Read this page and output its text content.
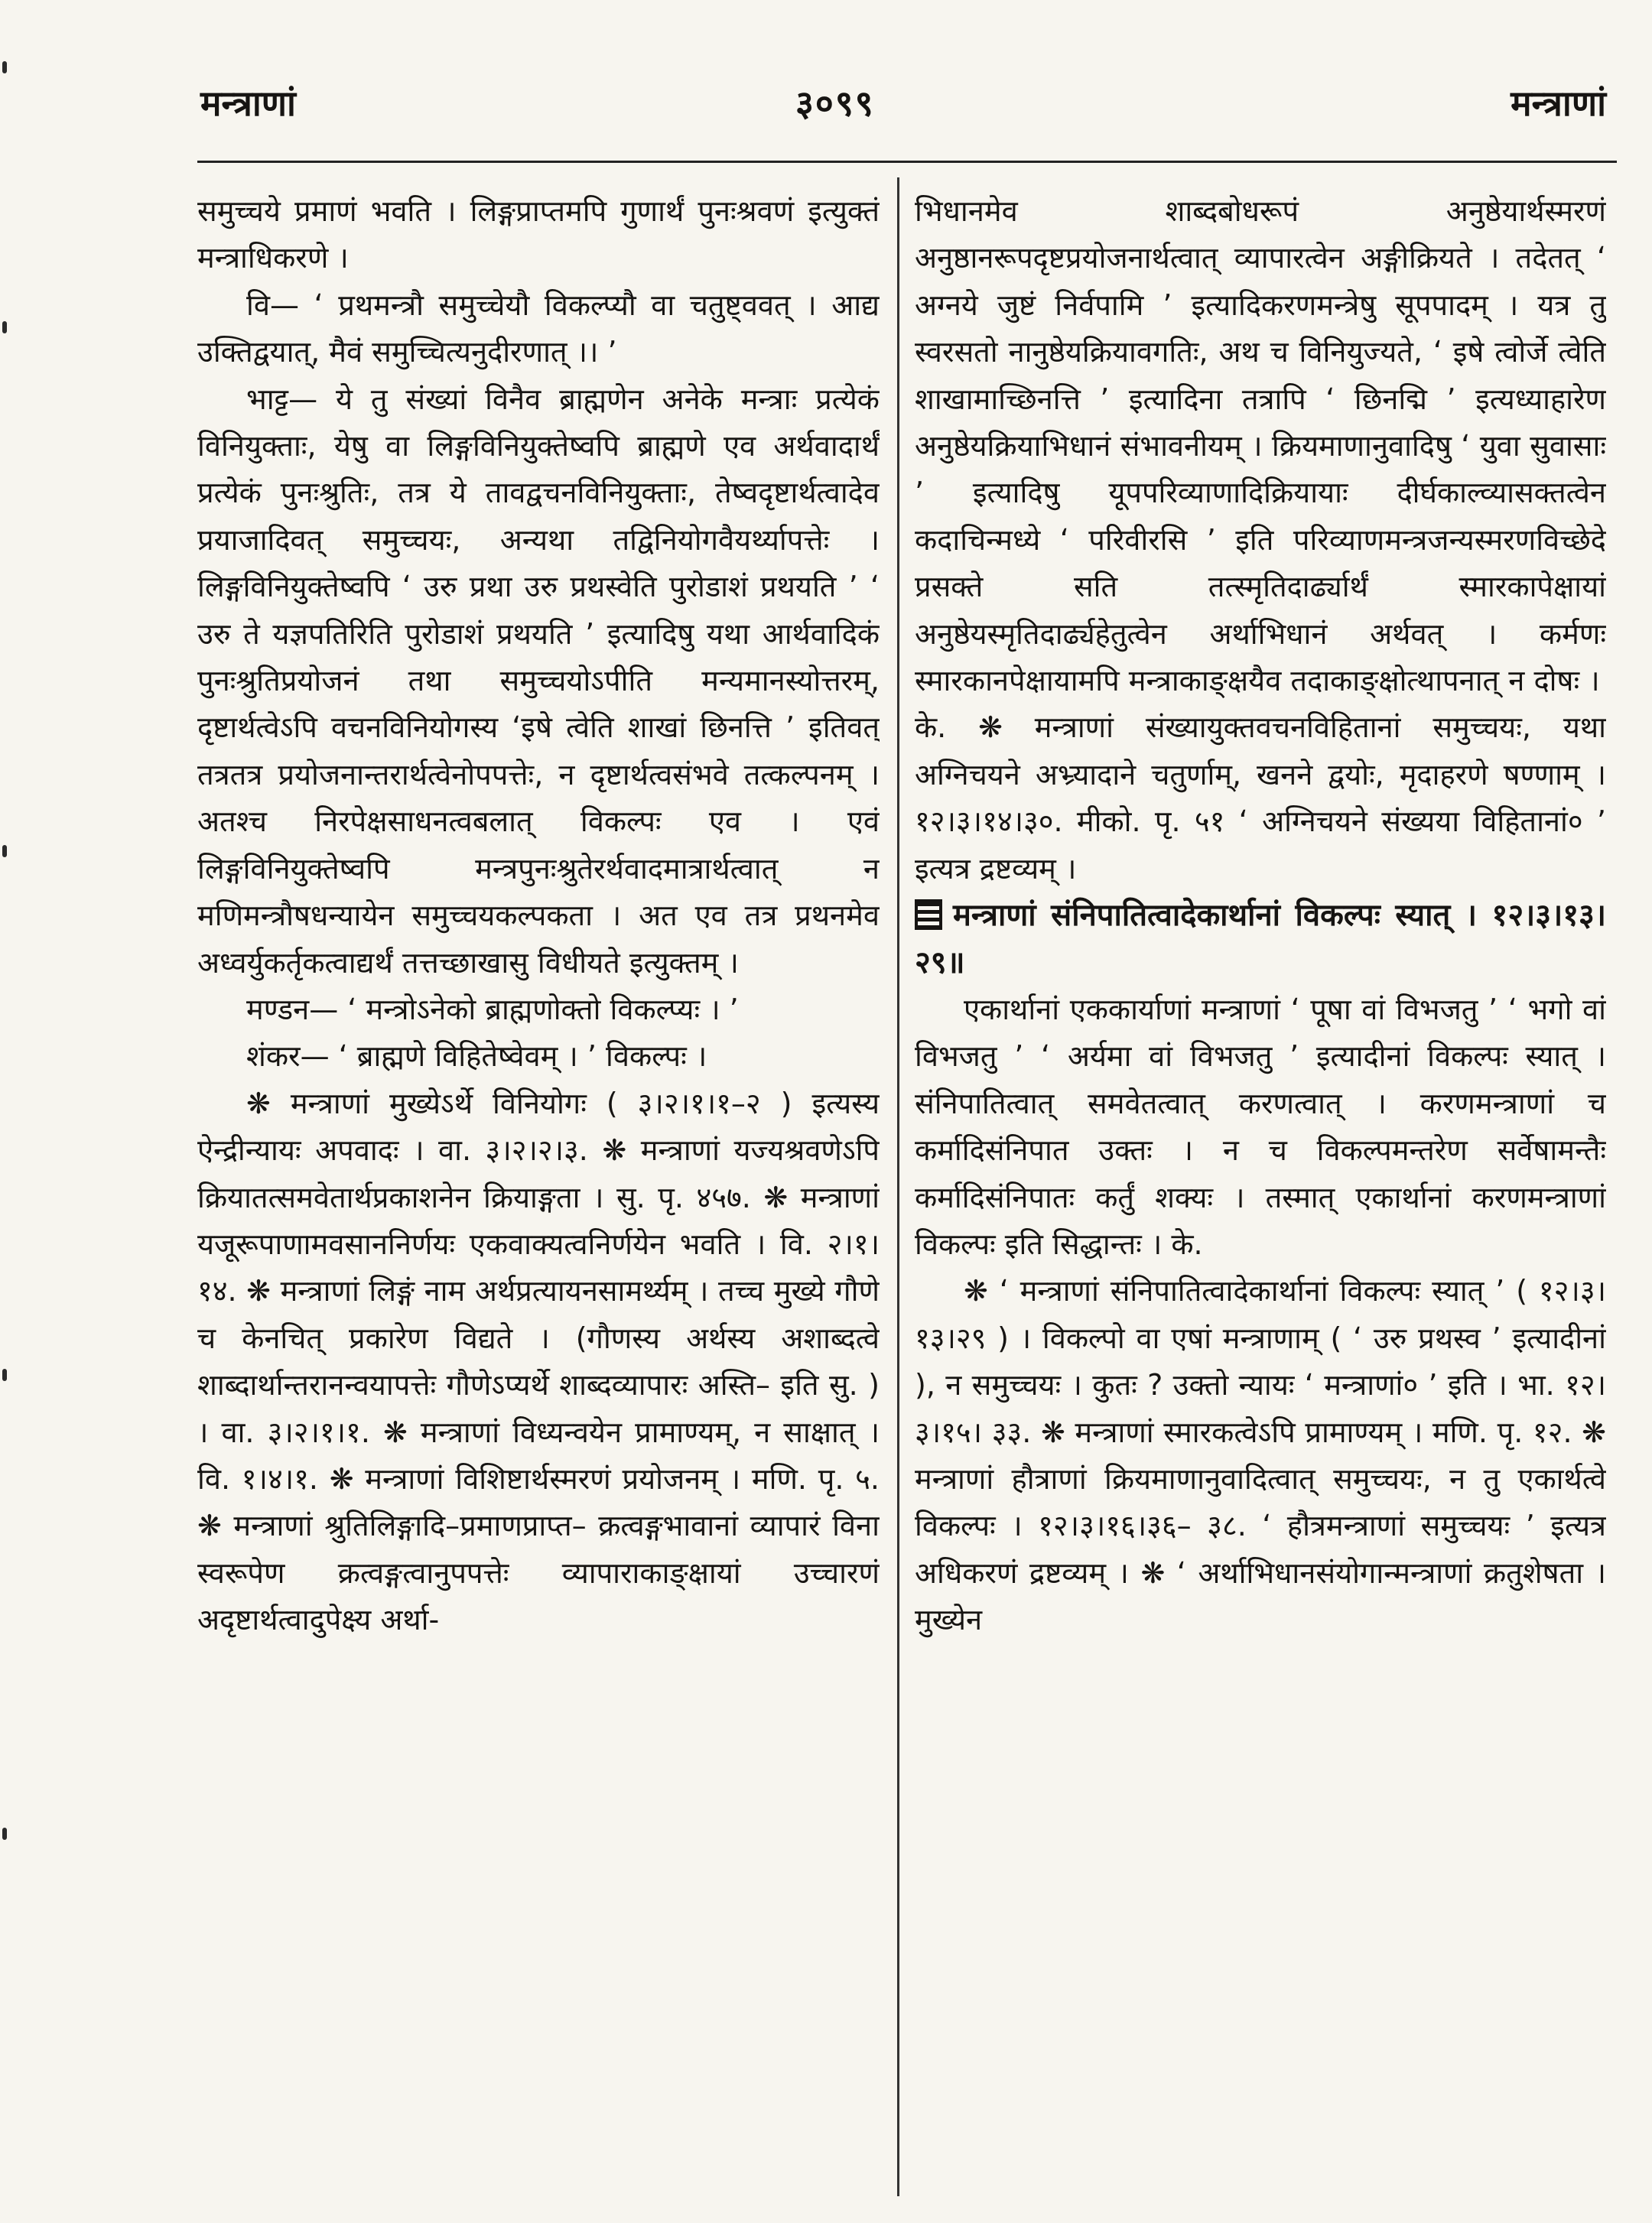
मन्त्राणां	३०९९	मन्त्राणां

समुच्चये प्रमाणं भवति । लिङ्गप्राप्तमपि गुणार्थं पुनःश्रवणं इत्युक्तं मन्त्राधिकरणे ।

वि— ‘ प्रथमन्त्रौ समुच्चेयौ विकल्प्यौ वा चतुष्ट्ववत् । आद्य उक्तिद्वयात्, मैवं समुच्चित्यनुदीरणात् ।। ’

भाट्ट— ये तु संख्यां विनैव ब्राह्मणेन अनेके मन्त्राः प्रत्येकं विनियुक्ताः, येषु वा लिङ्गविनियुक्तेष्वपि ब्राह्मणे एव अर्थवादार्थं प्रत्येकं पुनःश्रुतिः, तत्र ये तावद्वचनविनियुक्ताः, तेष्वदृष्टार्थत्वादेव प्रयाजादिवत् समुच्चयः, अन्यथा तद्विनियोगवैयर्थ्यापत्तेः । लिङ्गविनियुक्तेष्वपि ‘ उरु प्रथा उरु प्रथस्वेति पुरोडाशं प्रथयति ’ ‘ उरु ते यज्ञपतिरिति पुरोडाशं प्रथयति ’ इत्यादिषु यथा आर्थवादिकं पुनःश्रुतिप्रयोजनं तथा समुच्चयोऽपीति मन्यमानस्योत्तरम्, दृष्टार्थत्वेऽपि वचनविनियोगस्य ‘इषे त्वेति शाखां छिनत्ति ’ इतिवत् तत्रतत्र प्रयोजनान्तरार्थत्वेनोपपत्तेः, न दृष्टार्थत्वसंभवे तत्कल्पनम् । अतश्च निरपेक्षसाधनत्वबलात् विकल्पः एव । एवं लिङ्गविनियुक्तेष्वपि मन्त्रपुनःश्रुतेरर्थवादमात्रार्थत्वात् न मणिमन्त्रौषधन्यायेन समुच्चयकल्पकता । अत एव तत्र प्रथनमेव अध्वर्युकर्तृकत्वाद्यर्थं तत्तच्छाखासु विधीयते इत्युक्तम् ।

मण्डन— ‘ मन्त्रोऽनेको ब्राह्मणोक्तो विकल्प्यः । ’

शंकर— ‘ ब्राह्मणे विहितेष्वेवम् । ’ विकल्पः ।

❋ मन्त्राणां मुख्येऽर्थे विनियोगः ( ३।२।१।१–२ ) इत्यस्य ऐन्द्रीन्यायः अपवादः । वा. ३।२।२।३. ❋ मन्त्राणां यज्यश्रवणेऽपि क्रियातत्समवेतार्थप्रकाशनेन क्रियाङ्गता । सु. पृ. ४५७. ❋ मन्त्राणां यजूरूपाणामवसाननिर्णयः एकवाक्यत्वनिर्णयेन भवति । वि. २।१। १४. ❋ मन्त्राणां लिङ्गं नाम अर्थप्रत्यायनसामर्थ्यम् । तच्च मुख्ये गौणे च केनचित् प्रकारेण विद्यते । (गौणस्य अर्थस्य अशाब्दत्वे शाब्दार्थान्तरानन्वयापत्तेः गौणेऽप्यर्थे शाब्दव्यापारः अस्ति– इति सु. ) । वा. ३।२।१।१. ❋ मन्त्राणां विध्यन्वयेन प्रामाण्यम्, न साक्षात् । वि. १।४।१. ❋ मन्त्राणां विशिष्टार्थस्मरणं प्रयोजनम् । मणि. पृ. ५. ❋ मन्त्राणां श्रुतिलिङ्गादि–प्रमाणप्राप्त– क्रत्वङ्गभावानां व्यापारं विना स्वरूपेण क्रत्वङ्गत्वानुपपत्तेः व्यापाराकाङ्क्षायां उच्चारणं अदृष्टार्थत्वादुपेक्ष्य अर्था-

भिधानमेव शाब्दबोधरूपं अनुष्ठेयार्थस्मरणं अनुष्ठानरूपदृष्टप्रयोजनार्थत्वात् व्यापारत्वेन अङ्गीक्रियते । तदेतत् ‘ अग्नये जुष्टं निर्वपामि ’ इत्यादिकरणमन्त्रेषु सूपपादम् । यत्र तु स्वरसतो नानुष्ठेयक्रियावगतिः, अथ च विनियुज्यते, ‘ इषे त्वोर्जे त्वेति शाखामाच्छिनत्ति ’ इत्यादिना तत्रापि ‘ छिनद्मि ’ इत्यध्याहारेण अनुष्ठेयक्रियाभिधानं संभावनीयम् । क्रियमाणानुवादिषु ‘ युवा सुवासाः ’ इत्यादिषु यूपपरिव्याणादिक्रियायाः दीर्घकाल्व्यासक्तत्वेन कदाचिन्मध्ये ‘ परिवीरसि ’ इति परिव्याणमन्त्रजन्यस्मरणविच्छेदे प्रसक्ते सति तत्स्मृतिदार्ढ्यार्थं स्मारकापेक्षायां अनुष्ठेयस्मृतिदार्ढ्यहेतुत्वेन अर्थाभिधानं अर्थवत् । कर्मणः स्मारकानपेक्षायामपि मन्त्राकाङ्क्षयैव तदाकाङ्क्षोत्थापनात् न दोषः ।

के. ❋ मन्त्राणां संख्यायुक्तवचनविहितानां समुच्चयः, यथा अग्निचयने अभ्र्यादाने चतुर्णाम्, खनने द्वयोः, मृदाहरणे षण्णाम् । १२।३।१४।३०. मीको. पृ. ५१ ‘ अग्निचयने संख्यया विहितानां० ’ इत्यत्र द्रष्टव्यम् ।

मन्त्राणां संनिपातित्वादेकार्थानां विकल्पः स्यात् । १२।३।१३।२९॥

एकार्थानां एककार्याणां मन्त्राणां ‘ पूषा वां विभजतु ’ ‘ भगो वां विभजतु ’ ‘ अर्यमा वां विभजतु ’ इत्यादीनां विकल्पः स्यात् । संनिपातित्वात् समवेतत्वात् करणत्वात् । करणमन्त्राणां च कर्मादिसंनिपात उक्तः । न च विकल्पमन्तरेण सर्वेषामन्तैः कर्मादिसंनिपातः कर्तुं शक्यः । तस्मात् एकार्थानां करणमन्त्राणां विकल्पः इति सिद्धान्तः । के.

❋ ‘ मन्त्राणां संनिपातित्वादेकार्थानां विकल्पः स्यात् ’ ( १२।३।१३।२९ ) । विकल्पो वा एषां मन्त्राणाम् ( ‘ उरु प्रथस्व ’ इत्यादीनां ), न समुच्चयः । कुतः ? उक्तो न्यायः ‘ मन्त्राणां० ’ इति । भा. १२।३।१५। ३३. ❋ मन्त्राणां स्मारकत्वेऽपि प्रामाण्यम् । मणि. पृ. १२. ❋ मन्त्राणां हौत्राणां क्रियमाणानुवादित्वात् समुच्चयः, न तु एकार्थत्वे विकल्पः । १२।३।१६।३६– ३८. ‘ हौत्रमन्त्राणां समुच्चयः ’ इत्यत्र अधिकरणं द्रष्टव्यम् । ❋ ‘ अर्थाभिधानसंयोगान्मन्त्राणां क्रतुशेषता । मुख्येन
